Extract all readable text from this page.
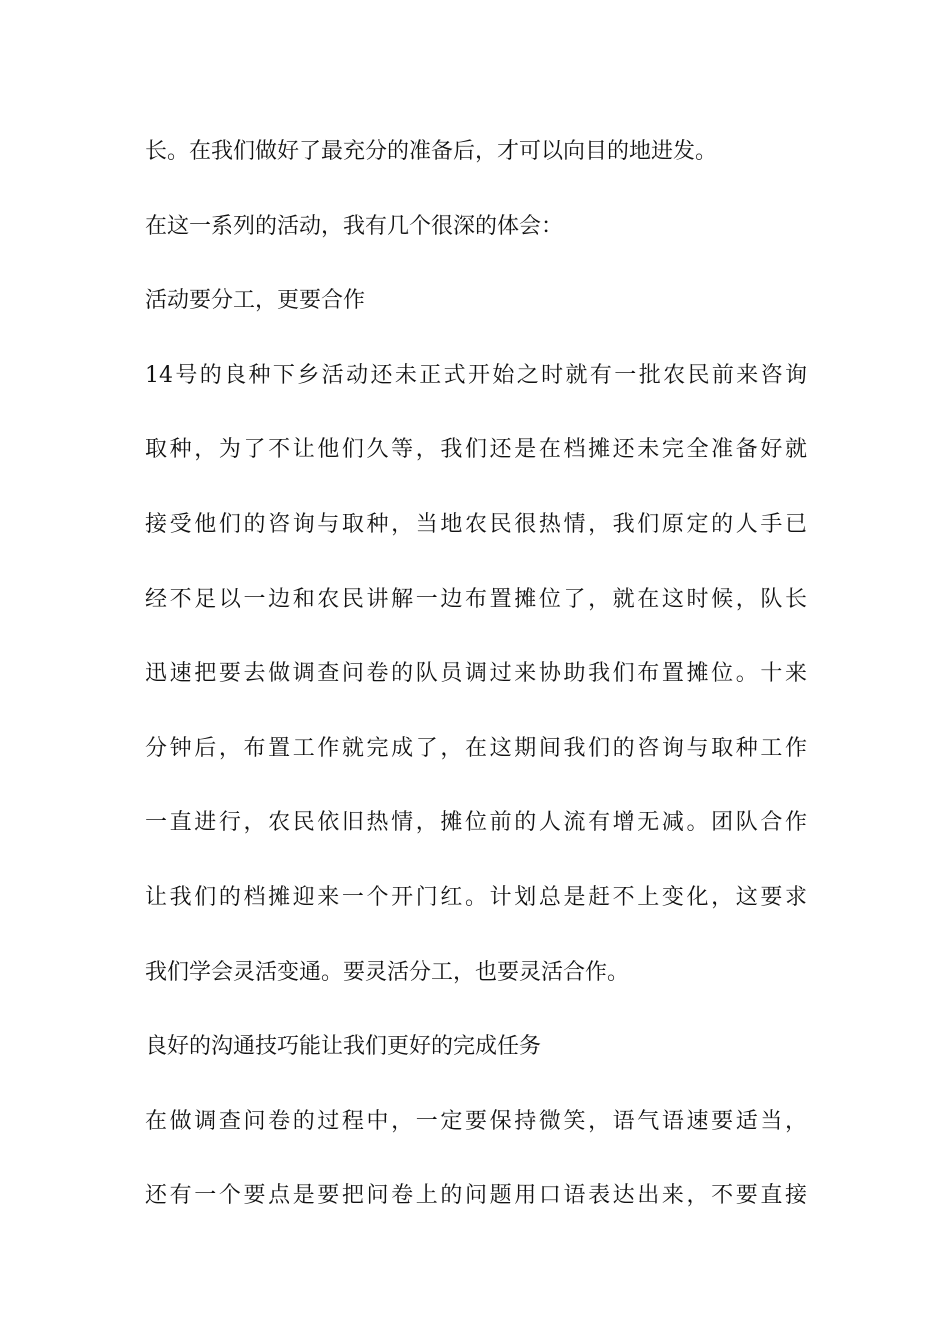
长。在我们做好了最充分的准备后，才可以向目的地进发。
在这一系列的活动，我有几个很深的体会：
活动要分工，更要合作
14号的良种下乡活动还未正式开始之时就有一批农民前来咨询
取种，为了不让他们久等，我们还是在档摊还未完全准备好就
接受他们的咨询与取种，当地农民很热情，我们原定的人手已
经不足以一边和农民讲解一边布置摊位了，就在这时候，队长
迅速把要去做调查问卷的队员调过来协助我们布置摊位。十来
分钟后，布置工作就完成了，在这期间我们的咨询与取种工作
一直进行，农民依旧热情，摊位前的人流有增无减。团队合作
让我们的档摊迎来一个开门红。计划总是赶不上变化，这要求
我们学会灵活变通。要灵活分工，也要灵活合作。
良好的沟通技巧能让我们更好的完成任务
在做调查问卷的过程中，一定要保持微笑，语气语速要适当，
还有一个要点是要把问卷上的问题用口语表达出来，不要直接
